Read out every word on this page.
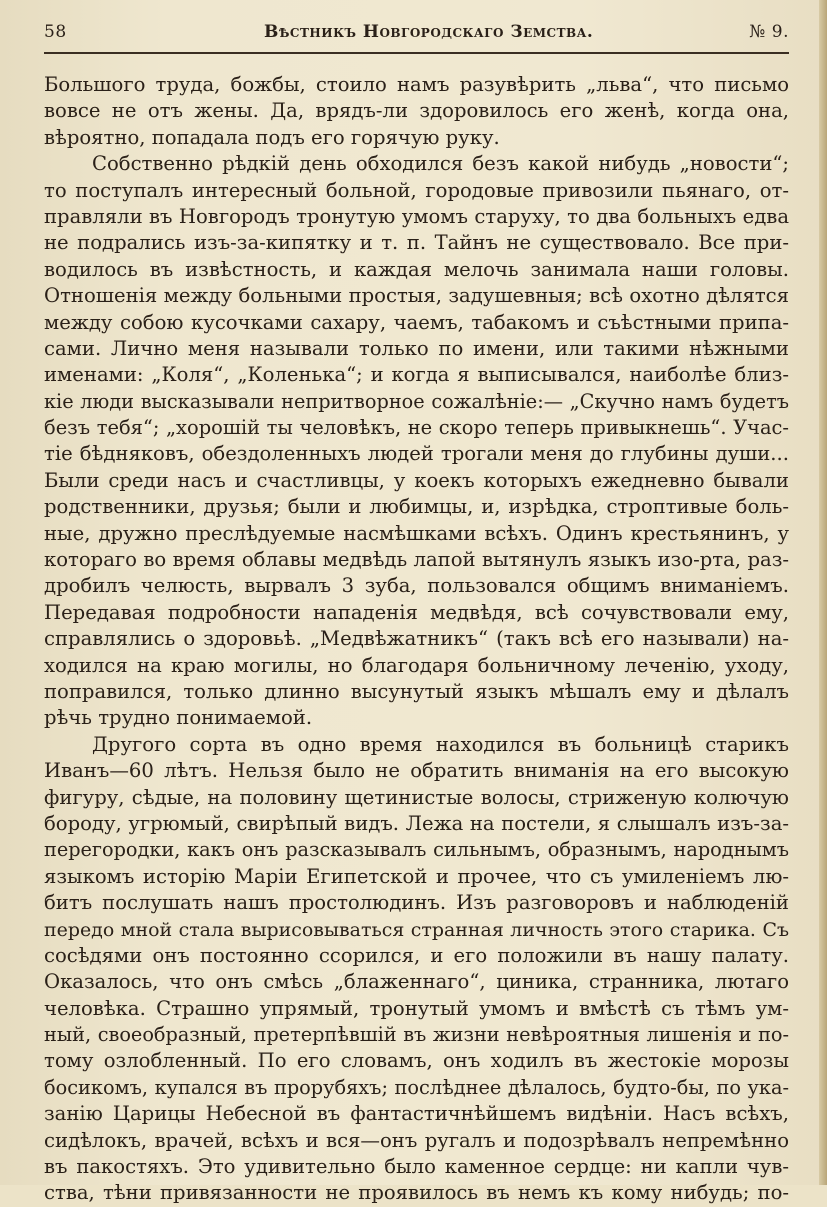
58	Вѣстникъ Новгородскаго Земства.	№ 9.
Большого труда, божбы, стоило намъ разувѣрить „льва“, что письмо
вовсе не отъ жены. Да, врядъ-ли здоровилось его женѣ, когда она,
вѣроятно, попадала подъ его горячую руку.
Собственно рѣдкій день обходился безъ какой нибудь „новости“;
то поступалъ интересный больной, городовые привозили пьянаго, от-
правляли въ Новгородъ тронутую умомъ старуху, то два больныхъ едва
не подрались изъ-за-кипятку и т. п. Тайнъ не существовало. Все при-
водилось въ извѣстность, и каждая мелочь занимала наши головы.
Отношенія между больными простыя, задушевныя; всѣ охотно дѣлятся
между собою кусочками сахару, чаемъ, табакомъ и съѣстными припа-
сами. Лично меня называли только по имени, или такими нѣжными
именами: „Коля“, „Коленька“; и когда я выписывался, наиболѣе близ-
кіе люди высказывали непритворное сожалѣніе:— „Скучно намъ будетъ
безъ тебя“; „хорошій ты человѣкъ, не скоро теперь привыкнешь“. Учас-
тіе бѣдняковъ, обездоленныхъ людей трогали меня до глубины души...
Были среди насъ и счастливцы, у коекъ которыхъ ежедневно бывали
родственники, друзья; были и любимцы, и, изрѣдка, строптивые боль-
ные, дружно преслѣдуемые насмѣшками всѣхъ. Одинъ крестьянинъ, у
котораго во время облавы медвѣдь лапой вытянулъ языкъ изо-рта, раз-
дробилъ челюсть, вырвалъ 3 зуба, пользовался общимъ вниманіемъ.
Передавая подробности нападенія медвѣдя, всѣ сочувствовали ему,
справлялись о здоровьѣ. „Медвѣжатникъ“ (такъ всѣ его называли) на-
ходился на краю могилы, но благодаря больничному леченію, уходу,
поправился, только длинно высунутый языкъ мѣшалъ ему и дѣлалъ
рѣчь трудно понимаемой.
Другого сорта въ одно время находился въ больницѣ старикъ
Иванъ—60 лѣтъ. Нельзя было не обратить вниманія на его высокую
фигуру, сѣдые, на половину щетинистые волосы, стриженую колючую
бороду, угрюмый, свирѣпый видъ. Лежа на постели, я слышалъ изъ-за-
перегородки, какъ онъ разсказывалъ сильнымъ, образнымъ, народнымъ
языкомъ исторію Маріи Египетской и прочее, что съ умиленіемъ лю-
битъ послушать нашъ простолюдинъ. Изъ разговоровъ и наблюденій
передо мной стала вырисовываться странная личность этого старика. Съ
сосѣдями онъ постоянно ссорился, и его положили въ нашу палату.
Оказалось, что онъ смѣсь „блаженнаго“, циника, странника, лютаго
человѣка. Страшно упрямый, тронутый умомъ и вмѣстѣ съ тѣмъ ум-
ный, своеобразный, претерпѣвшій въ жизни невѣроятныя лишенія и по-
тому озлобленный. По его словамъ, онъ ходилъ въ жестокіе морозы
босикомъ, купался въ прорубяхъ; послѣднее дѣлалось, будто-бы, по ука-
занію Царицы Небесной въ фантастичнѣйшемъ видѣніи. Насъ всѣхъ,
сидѣлокъ, врачей, всѣхъ и вся—онъ ругалъ и подозрѣвалъ непремѣнно
въ пакостяхъ. Это удивительно было каменное сердце: ни капли чув-
ства, тѣни привязанности не проявилось въ немъ къ кому нибудь; по-
